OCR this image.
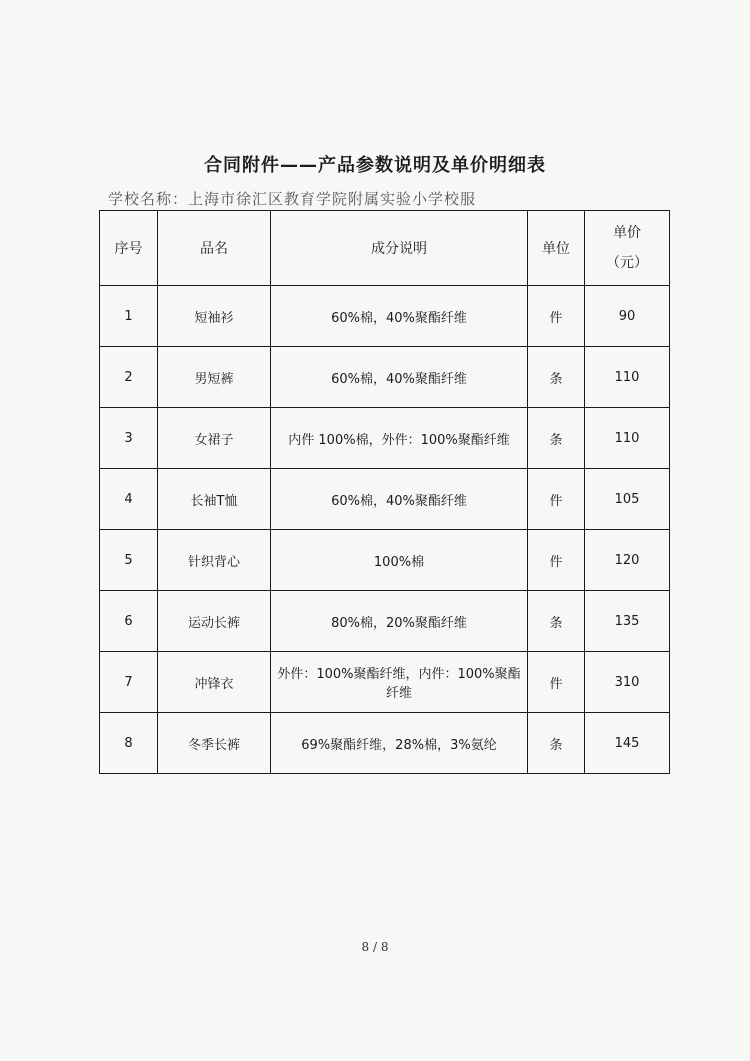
合同附件——产品参数说明及单价明细表
学校名称：上海市徐汇区教育学院附属实验小学校服
序号	品名	成分说明	单位	单价
（元）

1	短袖衫	60%棉，40%聚酯纤维	件	90
2	男短裤	60%棉，40%聚酯纤维	条	110
3	女裙子	内件 100%棉，外件：100%聚酯纤维	条	110
4	长袖T恤	60%棉，40%聚酯纤维	件	105
5	针织背心	100%棉	件	120
6	运动长裤	80%棉，20%聚酯纤维	条	135
7	冲锋衣	外件：100%聚酯纤维，内件：100%聚酯纤维	件	310
8	冬季长裤	69%聚酯纤维，28%棉，3%氨纶	条	145
8 / 8
